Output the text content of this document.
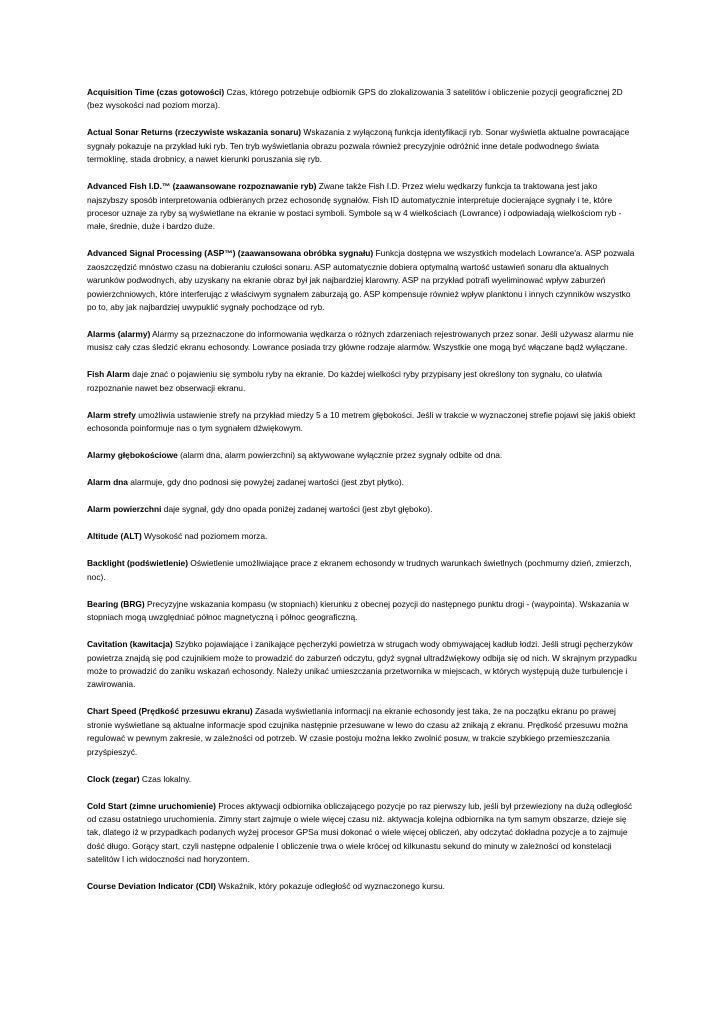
Acquisition Time (czas gotowości) Czas, którego potrzebuje odbiornik GPS do zlokalizowania 3 satelitów i obliczenie pozycji geograficznej 2D (bez wysokości nad poziom morza).

Actual Sonar Returns (rzeczywiste wskazania sonaru) Wskazania z wyłączoną funkcja identyfikacji ryb. Sonar wyświetla aktualne powracające sygnały pokazuje na przykład łuki ryb. Ten tryb wyświetlania obrazu pozwala również precyzyjnie odróżnić inne detale podwodnego świata termoklinę, stada drobnicy, a nawet kierunki poruszania się ryb.

Advanced Fish I.D.™ (zaawansowane rozpoznawanie ryb) Zwane także Fish I.D. Przez wielu wędkarzy funkcja ta traktowana jest jako najszybszy sposób interpretowania odbieranych przez echosondę sygnałów. Fish ID automatycznie interpretuje docierające sygnały i te, które procesor uznaje za ryby są wyświetlane na ekranie w postaci symboli. Symbole są w 4 wielkościach (Lowrance) i odpowiadają wielkościom ryb - małe, średnie, duże i bardzo duże.

Advanced Signal Processing (ASP™) (zaawansowana obróbka sygnału) Funkcja dostępna we wszystkich modelach Lowrance'a. ASP pozwala zaoszczędzić mnóstwo czasu na dobieraniu czułości sonaru. ASP automatycznie dobiera optymalną wartość ustawień sonaru dla aktualnych warunków podwodnych, aby uzyskany na ekranie obraz był jak najbardziej klarowny. ASP na przykład potrafi wyeliminować wpływ zaburzeń powierzchniowych, które interferując z właściwym sygnałem zaburzają go. ASP kompensuje również wpływ planktonu i innych czynników wszystko po to, aby jak najbardziej uwypuklić sygnały pochodzące od ryb.

Alarms (alarmy) Alarmy są przeznaczone do informowania wędkarza o różnych zdarzeniach rejestrowanych przez sonar. Jeśli używasz alarmu nie musisz cały czas śledzić ekranu echosondy. Lowrance posiada trzy główne rodzaje alarmów. Wszystkie one mogą być włączane bądź wyłączane.

Fish Alarm daje znać o pojawieniu się symbolu ryby na ekranie. Do każdej wielkości ryby przypisany jest określony ton sygnału, co ułatwia rozpoznanie nawet bez obserwacji ekranu.

Alarm strefy umożliwia ustawienie strefy na przykład miedzy 5 a 10 metrem głębokości. Jeśli w trakcie w wyznaczonej strefie pojawi się jakiś obiekt echosonda poinformuje nas o tym sygnałem dźwiękowym.

Alarmy głębokościowe (alarm dna, alarm powierzchni) są aktywowane wyłącznie przez sygnały odbite od dna.

Alarm dna alarmuje, gdy dno podnosi się powyżej zadanej wartości (jest zbyt płytko).

Alarm powierzchni daje sygnał, gdy dno opada poniżej zadanej wartości (jest zbyt głęboko).

Altitude (ALT) Wysokość nad poziomem morza.

Backlight (podświetlenie) Oświetlenie umożliwiające prace z ekranem echosondy w trudnych warunkach świetlnych (pochmurny dzień, zmierzch, noc).

Bearing (BRG) Precyzyjne wskazania kompasu (w stopniach) kierunku z obecnej pozycji do następnego punktu drogi - (waypointa). Wskazania w stopniach mogą uwzględniać północ magnetyczną i północ geograficzną.

Cavitation (kawitacja) Szybko pojawiające i zanikające pęcherzyki powietrza w strugach wody obmywającej kadłub łodzi. Jeśli strugi pęcherzyków powietrza znajdą się pod czujnikiem może to prowadzić do zaburzeń odczytu, gdyż sygnał ultradźwiękowy odbija się od nich. W skrajnym przypadku może to prowadzić do zaniku wskazań echosondy. Należy unikać umieszczania przetwornika w miejscach, w których występują duże turbulencje i zawirowania.

Chart Speed (Prędkość przesuwu ekranu) Zasada wyświetlania informacji na ekranie echosondy jest taka, że na początku ekranu po prawej stronie wyświetlane są aktualne informacje spod czujnika następnie przesuwane w lewo do czasu aż znikają z ekranu. Prędkość przesuwu można regulować w pewnym zakresie, w zależności od potrzeb. W czasie postoju można lekko zwolnić posuw, w trakcie szybkiego przemieszczania przyśpieszyć.

Clock (zegar) Czas lokalny.

Cold Start (zimne uruchomienie) Proces aktywacji odbiornika obliczającego pozycje po raz pierwszy lub, jeśli był przewieziony na dużą odległość od czasu ostatniego uruchomienia. Zimny start zajmuje o wiele więcej czasu niż. aktywacja kolejna odbiornika na tym samym obszarze, dzieje się tak, dlatego iż w przypadkach podanych wyżej procesor GPSa musi dokonać o wiele więcej obliczeń, aby odczytać dokładna pozycje a to zajmuje dość długo. Gorący start, czyli następne odpalenie I obliczenie trwa o wiele krócej od kilkunastu sekund do minuty w zależności od konstelacji satelitów I ich widoczności nad horyzontem.

Course Deviation Indicator (CDI) Wskaźnik, który pokazuje odległość od wyznaczonego kursu.
